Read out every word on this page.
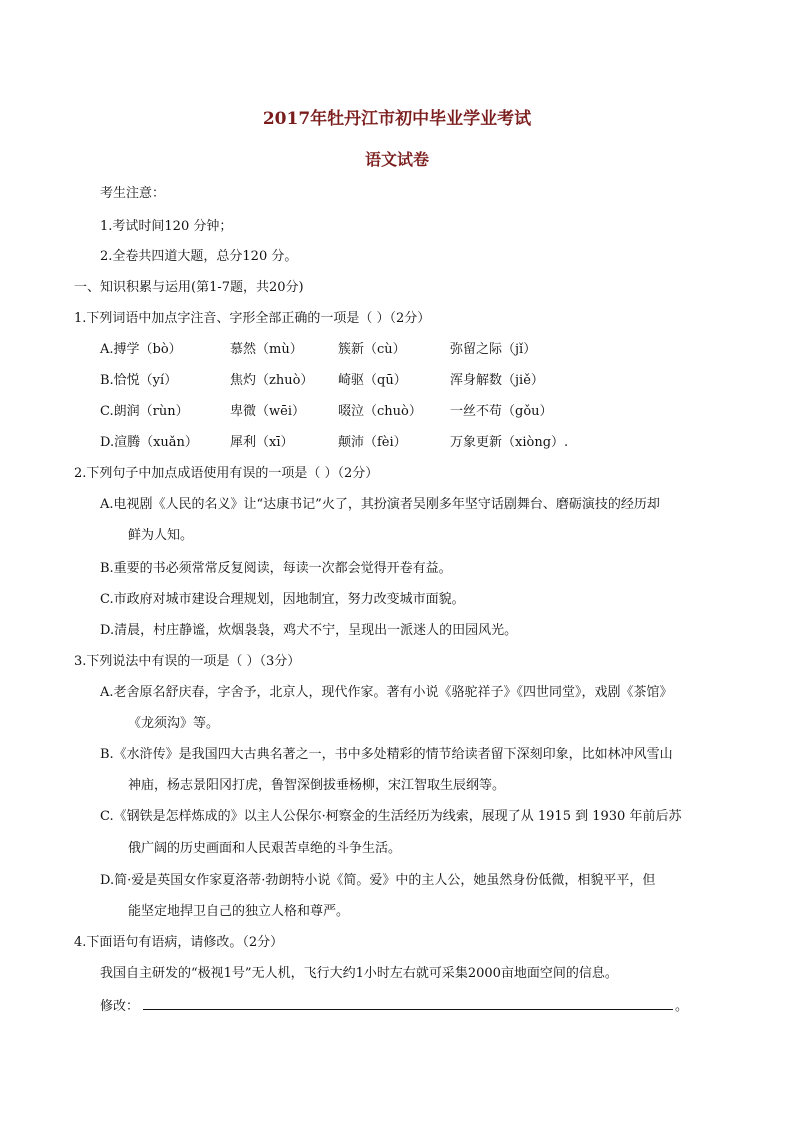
2017年牡丹江市初中毕业学业考试
语文试卷
考生注意：
1.考试时间120 分钟；
2.全卷共四道大题，总分120 分。
一、知识积累与运用(第1-7题，共20分)
1.下列词语中加点字注音、字形全部正确的一项是（ ）（2分）
A.搏学（bò）	慕然（mù）	簇新（cù）	弥留之际（jǐ）
B.恰悦（yí）	焦灼（zhuò） 崎驱（qū）	浑身解数（jiě）
C.朗润（rùn）	卑微（wēi）	啜泣（chuò） 一丝不苟（gǒu）
D.渲腾（xuǎn） 犀利（xī）	颠沛（fèi）	万象更新（xiòng）.
2.下列句子中加点成语使用有误的一项是（ ）（2分）
A.电视剧《人民的名义》让“达康书记”火了，其扮演者吴刚多年坚守话剧舞台、磨砺演技的经历却
鲜为人知。
B.重要的书必须常常反复阅读，每读一次都会觉得开卷有益。
C.市政府对城市建设合理规划，因地制宜，努力改变城市面貌。
D.清晨，村庄静谧，炊烟袅袅，鸡犬不宁，呈现出一派迷人的田园风光。
3.下列说法中有误的一项是（ ）（3分）
A.老舍原名舒庆春，字舍予，北京人，现代作家。著有小说《骆驼祥子》《四世同堂》，戏剧《茶馆》
《龙须沟》等。
B.《水浒传》是我国四大古典名著之一，书中多处精彩的情节给读者留下深刻印象，比如林冲风雪山
神庙，杨志景阳冈打虎，鲁智深倒拔垂杨柳，宋江智取生辰纲等。
C.《钢铁是怎样炼成的》以主人公保尔·柯察金的生活经历为线索，展现了从 1915 到 1930 年前后苏
俄广阔的历史画面和人民艰苦卓绝的斗争生活。
D.简·爱是英国女作家夏洛蒂·勃朗特小说《简。爱》中的主人公，她虽然身份低微，相貌平平，但
能坚定地捍卫自己的独立人格和尊严。
4.下面语句有语病，请修改。（2分）
我国自主研发的“极视1号”无人机，飞行大约1小时左右就可采集2000亩地面空间的信息。
修改：	。
